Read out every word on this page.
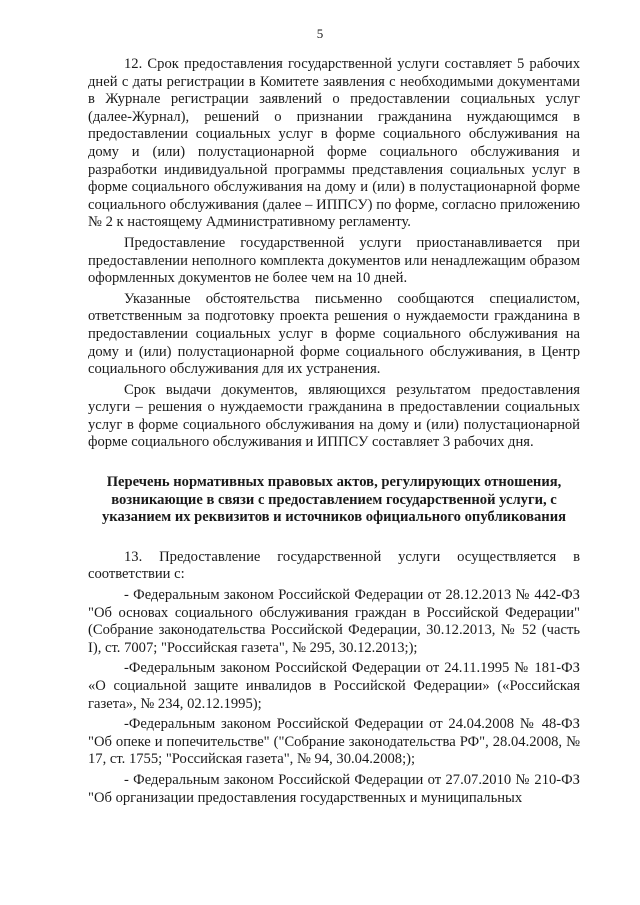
5

12. Срок предоставления государственной услуги составляет 5 рабочих дней с даты регистрации в Комитете заявления с необходимыми документами в Журнале регистрации заявлений о предоставлении социальных услуг (далее-Журнал), решений о признании гражданина нуждающимся в предоставлении социальных услуг в форме социального обслуживания на дому и (или) полустационарной форме социального обслуживания и разработки индивидуальной программы представления социальных услуг в форме социального обслуживания на дому и (или) в полустационарной форме социального обслуживания (далее – ИППСУ) по форме, согласно приложению № 2 к настоящему Административному регламенту.

Предоставление государственной услуги приостанавливается при предоставлении неполного комплекта документов или ненадлежащим образом оформленных документов не более чем на 10 дней.

Указанные обстоятельства письменно сообщаются специалистом, ответственным за подготовку проекта решения о нуждаемости гражданина в предоставлении социальных услуг в форме социального обслуживания на дому и (или) полустационарной форме социального обслуживания, в Центр социального обслуживания для их устранения.

Срок выдачи документов, являющихся результатом предоставления услуги – решения о нуждаемости гражданина в предоставлении социальных услуг в форме социального обслуживания на дому и (или) полустационарной форме социального обслуживания и ИППСУ составляет 3 рабочих дня.

Перечень нормативных правовых актов, регулирующих отношения, возникающие в связи с предоставлением государственной услуги, с указанием их реквизитов и источников официального опубликования

13. Предоставление государственной услуги осуществляется в соответствии с:

- Федеральным законом Российской Федерации от 28.12.2013 № 442-ФЗ "Об основах социального обслуживания граждан в Российской Федерации" (Собрание законодательства Российской Федерации, 30.12.2013, № 52 (часть I), ст. 7007; "Российская газета", № 295, 30.12.2013;);

-Федеральным законом Российской Федерации от 24.11.1995 № 181-ФЗ «О социальной защите инвалидов в Российской Федерации» («Российская газета», № 234, 02.12.1995);

-Федеральным законом Российской Федерации от 24.04.2008 № 48-ФЗ "Об опеке и попечительстве" ("Собрание законодательства РФ", 28.04.2008, № 17, ст. 1755; "Российская газета", № 94, 30.04.2008;);

- Федеральным законом Российской Федерации от 27.07.2010 № 210-ФЗ "Об организации предоставления государственных и муниципальных
